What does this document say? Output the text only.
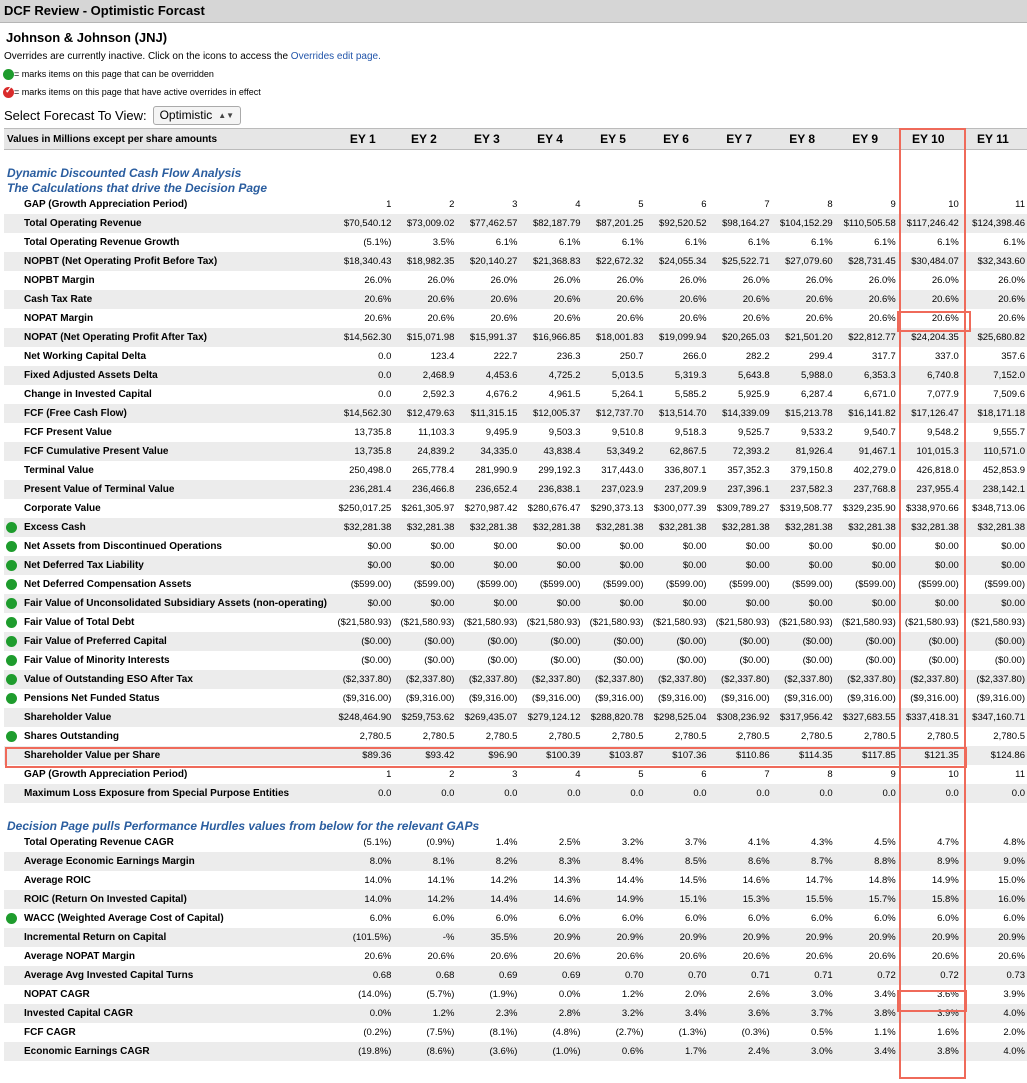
DCF Review - Optimistic Forcast
Johnson & Johnson (JNJ)
Overrides are currently inactive. Click on the icons to access the Overrides edit page.
= marks items on this page that can be overridden
✓
= marks items on this page that have active overrides in effect
Select Forecast To View: Optimistic ▲▼
Values in Millions except per share amounts	EY 1	EY 2	EY 3	EY 4	EY 5	EY 6	EY 7	EY 8	EY 9	EY 10	EY 11

Dynamic Discounted Cash Flow Analysis											
The Calculations that drive the Decision Page											
GAP (Growth Appreciation Period)	1	2	3	4	5	6	7	8	9	10	11
Total Operating Revenue	$70,540.12	$73,009.02	$77,462.57	$82,187.79	$87,201.25	$92,520.52	$98,164.27	$104,152.29	$110,505.58	$117,246.42	$124,398.46
Total Operating Revenue Growth	(5.1%)	3.5%	6.1%	6.1%	6.1%	6.1%	6.1%	6.1%	6.1%	6.1%	6.1%
NOPBT (Net Operating Profit Before Tax)	$18,340.43	$18,982.35	$20,140.27	$21,368.83	$22,672.32	$24,055.34	$25,522.71	$27,079.60	$28,731.45	$30,484.07	$32,343.60
NOPBT Margin	26.0%	26.0%	26.0%	26.0%	26.0%	26.0%	26.0%	26.0%	26.0%	26.0%	26.0%
Cash Tax Rate	20.6%	20.6%	20.6%	20.6%	20.6%	20.6%	20.6%	20.6%	20.6%	20.6%	20.6%
NOPAT Margin	20.6%	20.6%	20.6%	20.6%	20.6%	20.6%	20.6%	20.6%	20.6%	20.6%	20.6%
NOPAT (Net Operating Profit After Tax)	$14,562.30	$15,071.98	$15,991.37	$16,966.85	$18,001.83	$19,099.94	$20,265.03	$21,501.20	$22,812.77	$24,204.35	$25,680.82
Net Working Capital Delta	0.0	123.4	222.7	236.3	250.7	266.0	282.2	299.4	317.7	337.0	357.6
Fixed Adjusted Assets Delta	0.0	2,468.9	4,453.6	4,725.2	5,013.5	5,319.3	5,643.8	5,988.0	6,353.3	6,740.8	7,152.0
Change in Invested Capital	0.0	2,592.3	4,676.2	4,961.5	5,264.1	5,585.2	5,925.9	6,287.4	6,671.0	7,077.9	7,509.6
FCF (Free Cash Flow)	$14,562.30	$12,479.63	$11,315.15	$12,005.37	$12,737.70	$13,514.70	$14,339.09	$15,213.78	$16,141.82	$17,126.47	$18,171.18
FCF Present Value	13,735.8	11,103.3	9,495.9	9,503.3	9,510.8	9,518.3	9,525.7	9,533.2	9,540.7	9,548.2	9,555.7
FCF Cumulative Present Value	13,735.8	24,839.2	34,335.0	43,838.4	53,349.2	62,867.5	72,393.2	81,926.4	91,467.1	101,015.3	110,571.0
Terminal Value	250,498.0	265,778.4	281,990.9	299,192.3	317,443.0	336,807.1	357,352.3	379,150.8	402,279.0	426,818.0	452,853.9
Present Value of Terminal Value	236,281.4	236,466.8	236,652.4	236,838.1	237,023.9	237,209.9	237,396.1	237,582.3	237,768.8	237,955.4	238,142.1
Corporate Value	$250,017.25	$261,305.97	$270,987.42	$280,676.47	$290,373.13	$300,077.39	$309,789.27	$319,508.77	$329,235.90	$338,970.66	$348,713.06

Excess Cash	$32,281.38	$32,281.38	$32,281.38	$32,281.38	$32,281.38	$32,281.38	$32,281.38	$32,281.38	$32,281.38	$32,281.38	$32,281.38

Net Assets from Discontinued Operations	$0.00	$0.00	$0.00	$0.00	$0.00	$0.00	$0.00	$0.00	$0.00	$0.00	$0.00

Net Deferred Tax Liability	$0.00	$0.00	$0.00	$0.00	$0.00	$0.00	$0.00	$0.00	$0.00	$0.00	$0.00

Net Deferred Compensation Assets	($599.00)	($599.00)	($599.00)	($599.00)	($599.00)	($599.00)	($599.00)	($599.00)	($599.00)	($599.00)	($599.00)

Fair Value of Unconsolidated Subsidiary Assets (non-operating)	$0.00	$0.00	$0.00	$0.00	$0.00	$0.00	$0.00	$0.00	$0.00	$0.00	$0.00

Fair Value of Total Debt	($21,580.93)	($21,580.93)	($21,580.93)	($21,580.93)	($21,580.93)	($21,580.93)	($21,580.93)	($21,580.93)	($21,580.93)	($21,580.93)	($21,580.93)

Fair Value of Preferred Capital	($0.00)	($0.00)	($0.00)	($0.00)	($0.00)	($0.00)	($0.00)	($0.00)	($0.00)	($0.00)	($0.00)

Fair Value of Minority Interests	($0.00)	($0.00)	($0.00)	($0.00)	($0.00)	($0.00)	($0.00)	($0.00)	($0.00)	($0.00)	($0.00)

Value of Outstanding ESO After Tax	($2,337.80)	($2,337.80)	($2,337.80)	($2,337.80)	($2,337.80)	($2,337.80)	($2,337.80)	($2,337.80)	($2,337.80)	($2,337.80)	($2,337.80)

Pensions Net Funded Status	($9,316.00)	($9,316.00)	($9,316.00)	($9,316.00)	($9,316.00)	($9,316.00)	($9,316.00)	($9,316.00)	($9,316.00)	($9,316.00)	($9,316.00)
Shareholder Value	$248,464.90	$259,753.62	$269,435.07	$279,124.12	$288,820.78	$298,525.04	$308,236.92	$317,956.42	$327,683.55	$337,418.31	$347,160.71

Shares Outstanding	2,780.5	2,780.5	2,780.5	2,780.5	2,780.5	2,780.5	2,780.5	2,780.5	2,780.5	2,780.5	2,780.5
Shareholder Value per Share	$89.36	$93.42	$96.90	$100.39	$103.87	$107.36	$110.86	$114.35	$117.85	$121.35	$124.86
GAP (Growth Appreciation Period)	1	2	3	4	5	6	7	8	9	10	11
Maximum Loss Exposure from Special Purpose Entities	0.0	0.0	0.0	0.0	0.0	0.0	0.0	0.0	0.0	0.0	0.0

Decision Page pulls Performance Hurdles values from below for the relevant GAPs											
Total Operating Revenue CAGR	(5.1%)	(0.9%)	1.4%	2.5%	3.2%	3.7%	4.1%	4.3%	4.5%	4.7%	4.8%
Average Economic Earnings Margin	8.0%	8.1%	8.2%	8.3%	8.4%	8.5%	8.6%	8.7%	8.8%	8.9%	9.0%
Average ROIC	14.0%	14.1%	14.2%	14.3%	14.4%	14.5%	14.6%	14.7%	14.8%	14.9%	15.0%
ROIC (Return On Invested Capital)	14.0%	14.2%	14.4%	14.6%	14.9%	15.1%	15.3%	15.5%	15.7%	15.8%	16.0%

WACC (Weighted Average Cost of Capital)	6.0%	6.0%	6.0%	6.0%	6.0%	6.0%	6.0%	6.0%	6.0%	6.0%	6.0%
Incremental Return on Capital	(101.5%)	-%	35.5%	20.9%	20.9%	20.9%	20.9%	20.9%	20.9%	20.9%	20.9%
Average NOPAT Margin	20.6%	20.6%	20.6%	20.6%	20.6%	20.6%	20.6%	20.6%	20.6%	20.6%	20.6%
Average Avg Invested Capital Turns	0.68	0.68	0.69	0.69	0.70	0.70	0.71	0.71	0.72	0.72	0.73
NOPAT CAGR	(14.0%)	(5.7%)	(1.9%)	0.0%	1.2%	2.0%	2.6%	3.0%	3.4%	3.6%	3.9%
Invested Capital CAGR	0.0%	1.2%	2.3%	2.8%	3.2%	3.4%	3.6%	3.7%	3.8%	3.9%	4.0%
FCF CAGR	(0.2%)	(7.5%)	(8.1%)	(4.8%)	(2.7%)	(1.3%)	(0.3%)	0.5%	1.1%	1.6%	2.0%
Economic Earnings CAGR	(19.8%)	(8.6%)	(3.6%)	(1.0%)	0.6%	1.7%	2.4%	3.0%	3.4%	3.8%	4.0%
